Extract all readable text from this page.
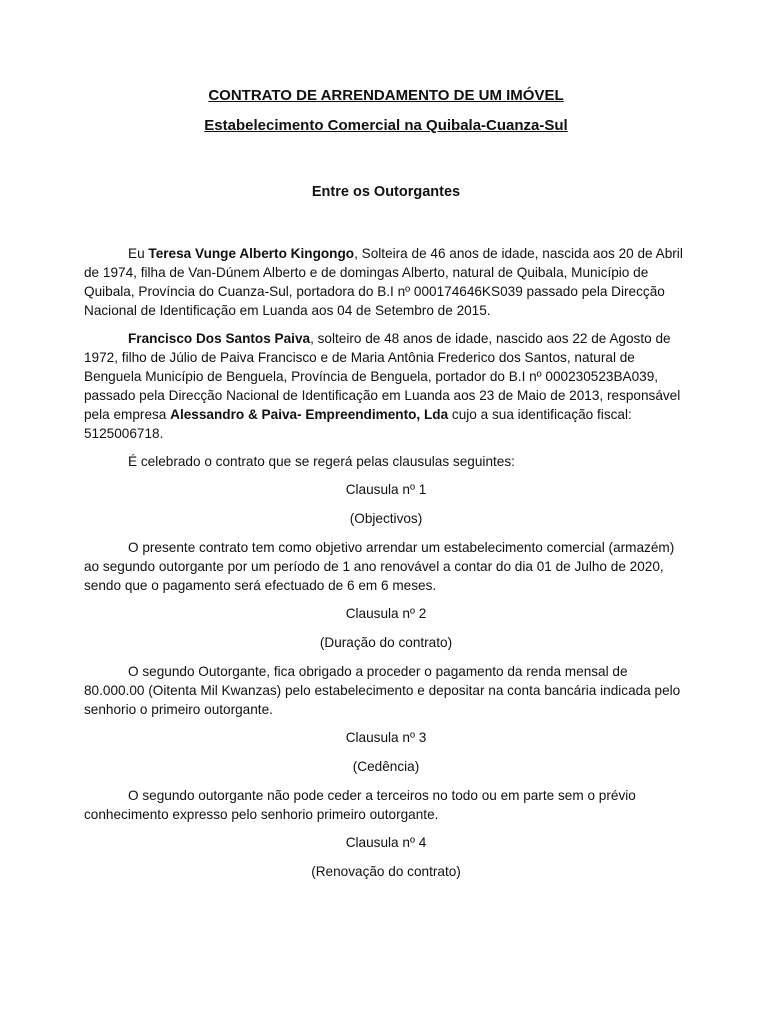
CONTRATO DE ARRENDAMENTO DE UM IMÓVEL

Estabelecimento Comercial na Quibala-Cuanza-Sul

Entre os Outorgantes

Eu Teresa Vunge Alberto Kingongo, Solteira de 46 anos de idade, nascida aos 20 de Abril de 1974, filha de Van-Dúnem Alberto e de domingas Alberto, natural de Quibala, Município de Quibala, Província do Cuanza-Sul, portadora do B.I nº 000174646KS039 passado pela Direcção Nacional de Identificação em Luanda aos 04 de Setembro de 2015.

Francisco Dos Santos Paiva, solteiro de 48 anos de idade, nascido aos 22 de Agosto de 1972, filho de Júlio de Paiva Francisco e de Maria Antônia Frederico dos Santos, natural de Benguela Município de Benguela, Província de Benguela, portador do B.I nº 000230523BA039, passado pela Direcção Nacional de Identificação em Luanda aos 23 de Maio de 2013, responsável pela empresa Alessandro & Paiva- Empreendimento, Lda cujo a sua identificação fiscal: 5125006718.

É celebrado o contrato que se regerá pelas clausulas seguintes:

Clausula nº 1

(Objectivos)

O presente contrato tem como objetivo arrendar um estabelecimento comercial (armazém) ao segundo outorgante por um período de 1 ano renovável a contar do dia 01 de Julho de 2020, sendo que o pagamento será efectuado de 6 em 6 meses.

Clausula nº 2

(Duração do contrato)

O segundo Outorgante, fica obrigado a proceder o pagamento da renda mensal de 80.000.00 (Oitenta Mil Kwanzas) pelo estabelecimento e depositar na conta bancária indicada pelo senhorio o primeiro outorgante.

Clausula nº 3

(Cedência)

O segundo outorgante não pode ceder a terceiros no todo ou em parte sem o prévio conhecimento expresso pelo senhorio primeiro outorgante.

Clausula nº 4

(Renovação do contrato)
